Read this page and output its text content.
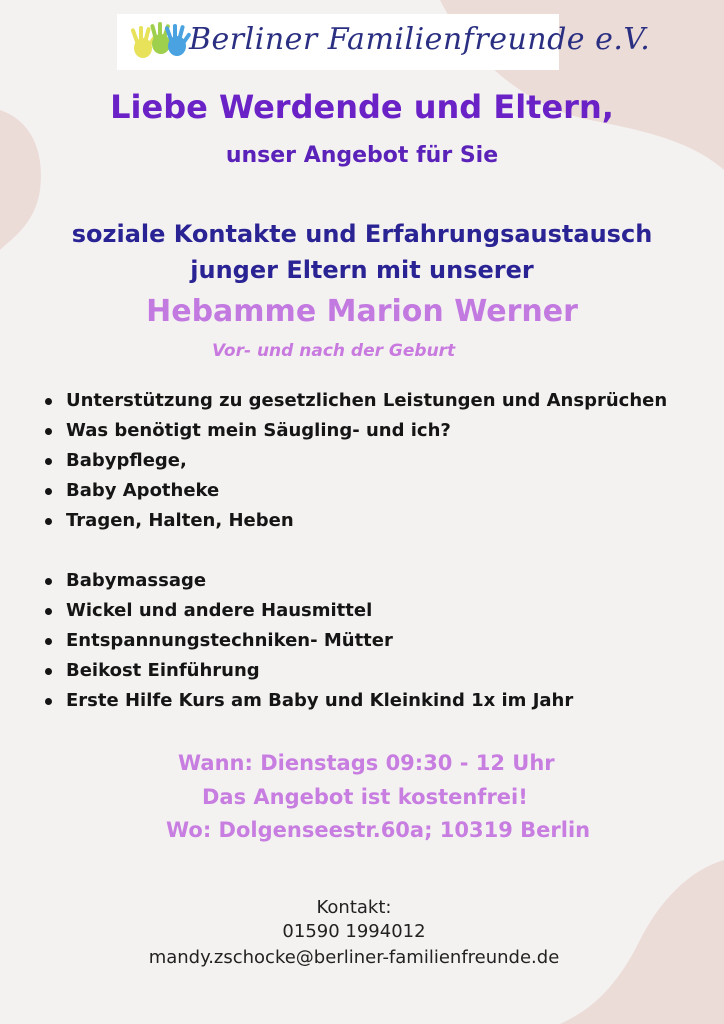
Berliner Familienfreunde e.V.
Liebe Werdende und Eltern,
unser Angebot für Sie
soziale Kontakte und Erfahrungsaustausch
junger Eltern mit unserer
Hebamme Marion Werner
Vor- und nach der Geburt
Unterstützung zu gesetzlichen Leistungen und Ansprüchen
Was benötigt mein Säugling- und ich?
Babypflege,
Baby Apotheke
Tragen, Halten, Heben
Babymassage
Wickel und andere Hausmittel
Entspannungstechniken- Mütter
Beikost Einführung
Erste Hilfe Kurs am Baby und Kleinkind 1x im Jahr
Wann: Dienstags 09:30 - 12 Uhr
Das Angebot ist kostenfrei!
Wo: Dolgenseestr.60a; 10319 Berlin
Kontakt:
01590 1994012
mandy.zschocke@berliner-familienfreunde.de
